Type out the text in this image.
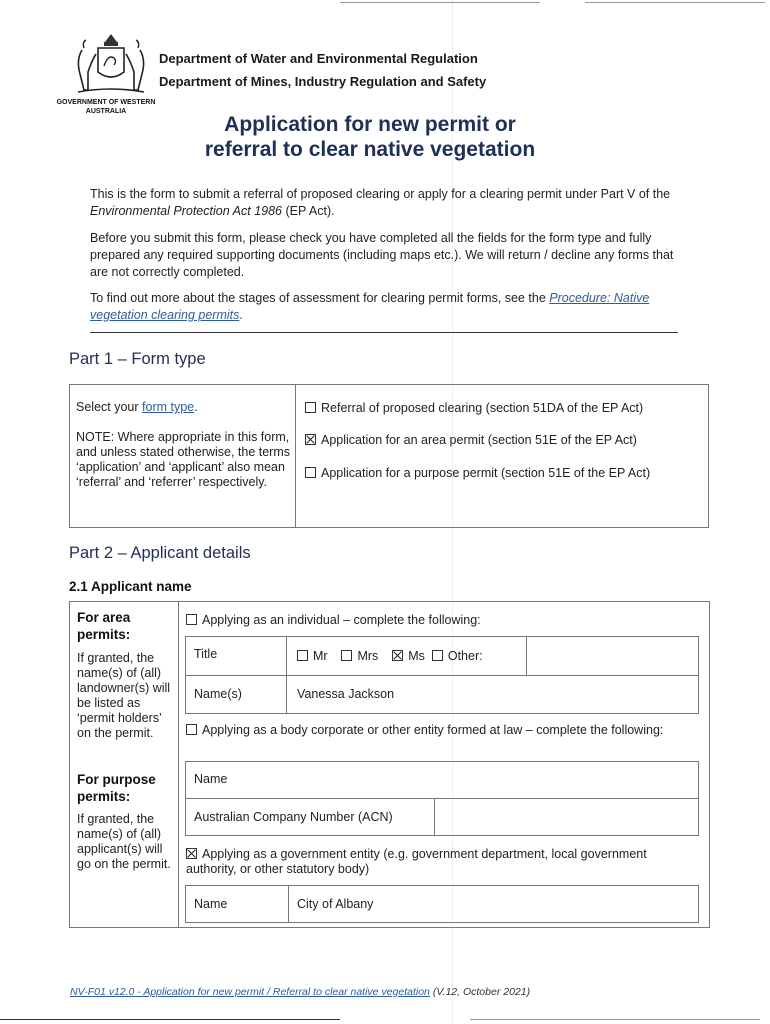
GOVERNMENT OF WESTERN AUSTRALIA
Department of Water and Environmental Regulation
Department of Mines, Industry Regulation and Safety
Application for new permit or
referral to clear native vegetation
This is the form to submit a referral of proposed clearing or apply for a clearing permit under Part V of the Environmental Protection Act 1986 (EP Act).
Before you submit this form, please check you have completed all the fields for the form type and fully prepared any required supporting documents (including maps etc.). We will return / decline any forms that are not correctly completed.
To find out more about the stages of assessment for clearing permit forms, see the Procedure: Native vegetation clearing permits.
Part 1 – Form type
Select your form type.
NOTE: Where appropriate in this form, and unless stated otherwise, the terms ‘application’ and ‘applicant’ also mean ‘referral’ and ‘referrer’ respectively.
Referral of proposed clearing (section 51DA of the EP Act)
Application for an area permit (section 51E of the EP Act)
Application for a purpose permit (section 51E of the EP Act)
Part 2 – Applicant details
2.1 Applicant name
For area permits:
If granted, the name(s) of (all) landowner(s) will be listed as ‘permit holders’ on the permit.
For purpose permits:
If granted, the name(s) of (all) applicant(s) will go on the permit.
Applying as an individual – complete the following:
Title	Mr Mrs Ms Other:
Name(s)	Vanessa Jackson
Applying as a body corporate or other entity formed at law – complete the following:
Name
Australian Company Number (ACN)
Applying as a government entity (e.g. government department, local government authority, or other statutory body)
Name	City of Albany
NV-F01 v12.0 - Application for new permit / Referral to clear native vegetation (V.12, October 2021)
